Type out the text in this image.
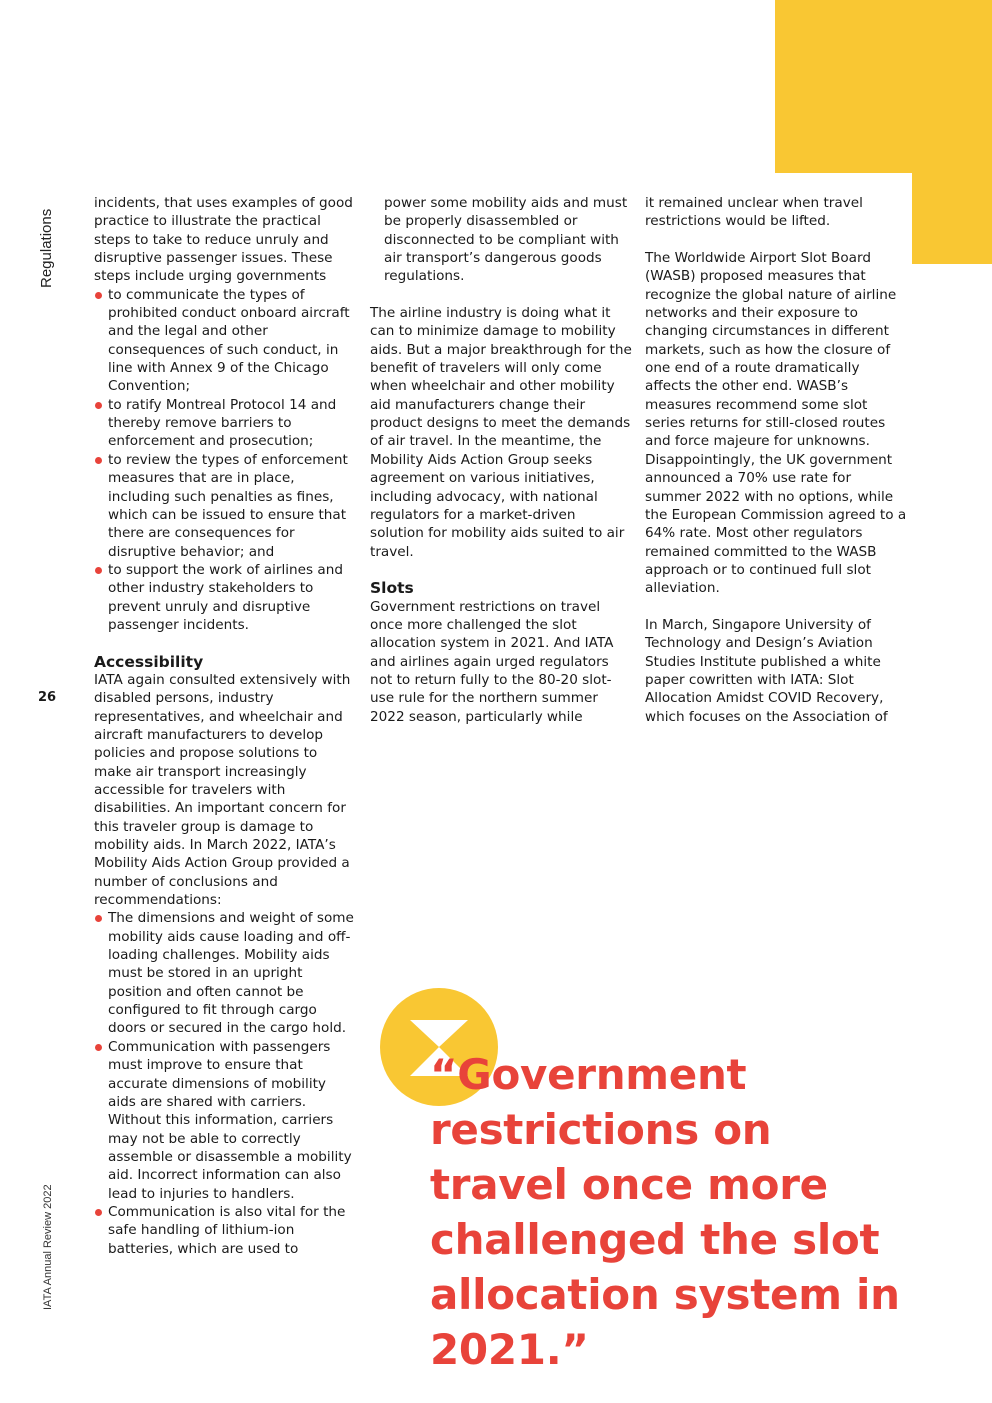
Regulations
26
IATA Annual Review 2022

incidents, that uses examples of good practice to illustrate the practical steps to take to reduce unruly and disruptive passenger issues. These steps include urging governments

to communicate the types of prohibited conduct onboard aircraft and the legal and other consequences of such conduct, in line with Annex 9 of the Chicago Convention;
to ratify Montreal Protocol 14 and thereby remove barriers to enforcement and prosecution;
to review the types of enforcement measures that are in place, including such penalties as fines, which can be issued to ensure that there are consequences for disruptive behavior; and
to support the work of airlines and other industry stakeholders to prevent unruly and disruptive passenger incidents.
Accessibility

IATA again consulted extensively with disabled persons, industry representatives, and wheelchair and aircraft manufacturers to develop policies and propose solutions to make air transport increasingly accessible for travelers with disabilities. An important concern for this traveler group is damage to mobility aids. In March 2022, IATA’s Mobility Aids Action Group provided a number of conclusions and recommendations:

The dimensions and weight of some mobility aids cause loading and off-loading challenges. Mobility aids must be stored in an upright position and often cannot be configured to fit through cargo doors or secured in the cargo hold.
Communication with passengers must improve to ensure that accurate dimensions of mobility aids are shared with carriers. Without this information, carriers may not be able to correctly assemble or disassemble a mobility aid. Incorrect information can also lead to injuries to handlers.
Communication is also vital for the safe handling of lithium-ion batteries, which are used to

power some mobility aids and must be properly disassembled or disconnected to be compliant with air transport’s dangerous goods regulations.

The airline industry is doing what it can to minimize damage to mobility aids. But a major breakthrough for the benefit of travelers will only come when wheelchair and other mobility aid manufacturers change their product designs to meet the demands of air travel. In the meantime, the Mobility Aids Action Group seeks agreement on various initiatives, including advocacy, with national regulators for a market-driven solution for mobility aids suited to air travel.

Slots

Government restrictions on travel once more challenged the slot allocation system in 2021. And IATA and airlines again urged regulators not to return fully to the 80-20 slot-use rule for the northern summer 2022 season, particularly while

it remained unclear when travel restrictions would be lifted.

The Worldwide Airport Slot Board (WASB) proposed measures that recognize the global nature of airline networks and their exposure to changing circumstances in different markets, such as how the closure of one end of a route dramatically affects the other end. WASB’s measures recommend some slot series returns for still-closed routes and force majeure for unknowns. Disappointingly, the UK government announced a 70% use rate for summer 2022 with no options, while the European Commission agreed to a 64% rate. Most other regulators remained committed to the WASB approach or to continued full slot alleviation.

In March, Singapore University of Technology and Design’s Aviation Studies Institute published a white paper cowritten with IATA: Slot Allocation Amidst COVID Recovery, which focuses on the Association of

“Government restrictions on travel once more challenged the slot allocation system in 2021.”
